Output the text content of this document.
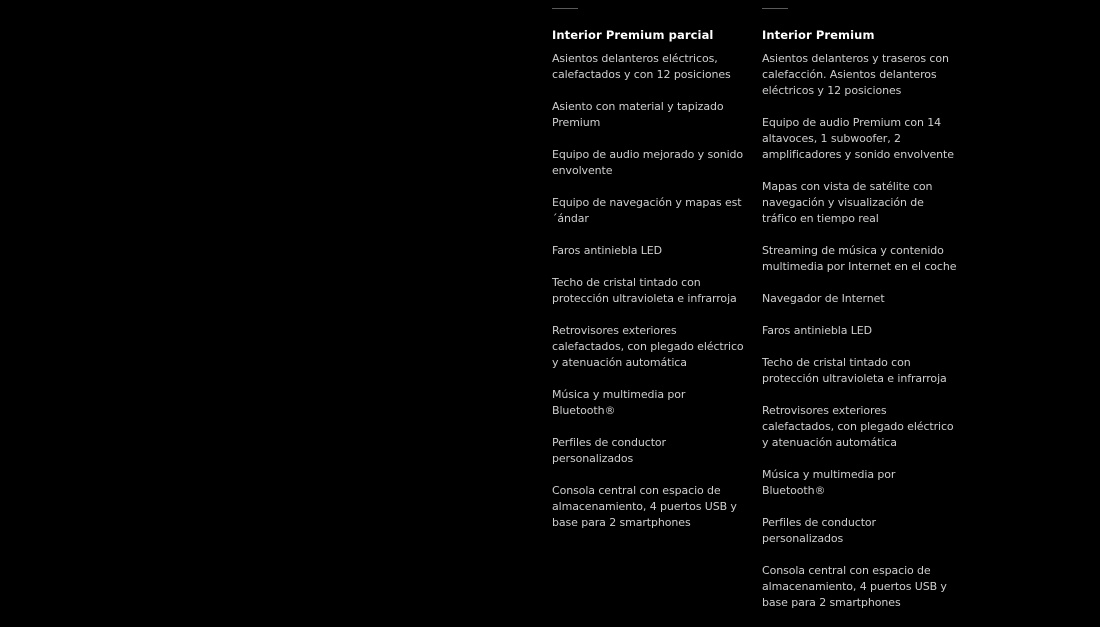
Interior Premium parcial
Asientos delanteros eléctricos, calefactados y con 12 posiciones
Asiento con material y tapizado Premium
Equipo de audio mejorado y sonido envolvente
Equipo de navegación y mapas est´ándar
Faros antiniebla LED
Techo de cristal tintado con protección ultravioleta e infrarroja
Retrovisores exteriores calefactados, con plegado eléctrico y atenuación automática
Música y multimedia por Bluetooth®
Perfiles de conductor personalizados
Consola central con espacio de almacenamiento, 4 puertos USB y base para 2 smartphones
Interior Premium
Asientos delanteros y traseros con calefacción. Asientos delanteros eléctricos y 12 posiciones
Equipo de audio Premium con 14 altavoces, 1 subwoofer, 2 amplificadores y sonido envolvente
Mapas con vista de satélite con navegación y visualización de tráfico en tiempo real
Streaming de música y contenido multimedia por Internet en el coche
Navegador de Internet
Faros antiniebla LED
Techo de cristal tintado con protección ultravioleta e infrarroja
Retrovisores exteriores calefactados, con plegado eléctrico y atenuación automática
Música y multimedia por Bluetooth®
Perfiles de conductor personalizados
Consola central con espacio de almacenamiento, 4 puertos USB y base para 2 smartphones
